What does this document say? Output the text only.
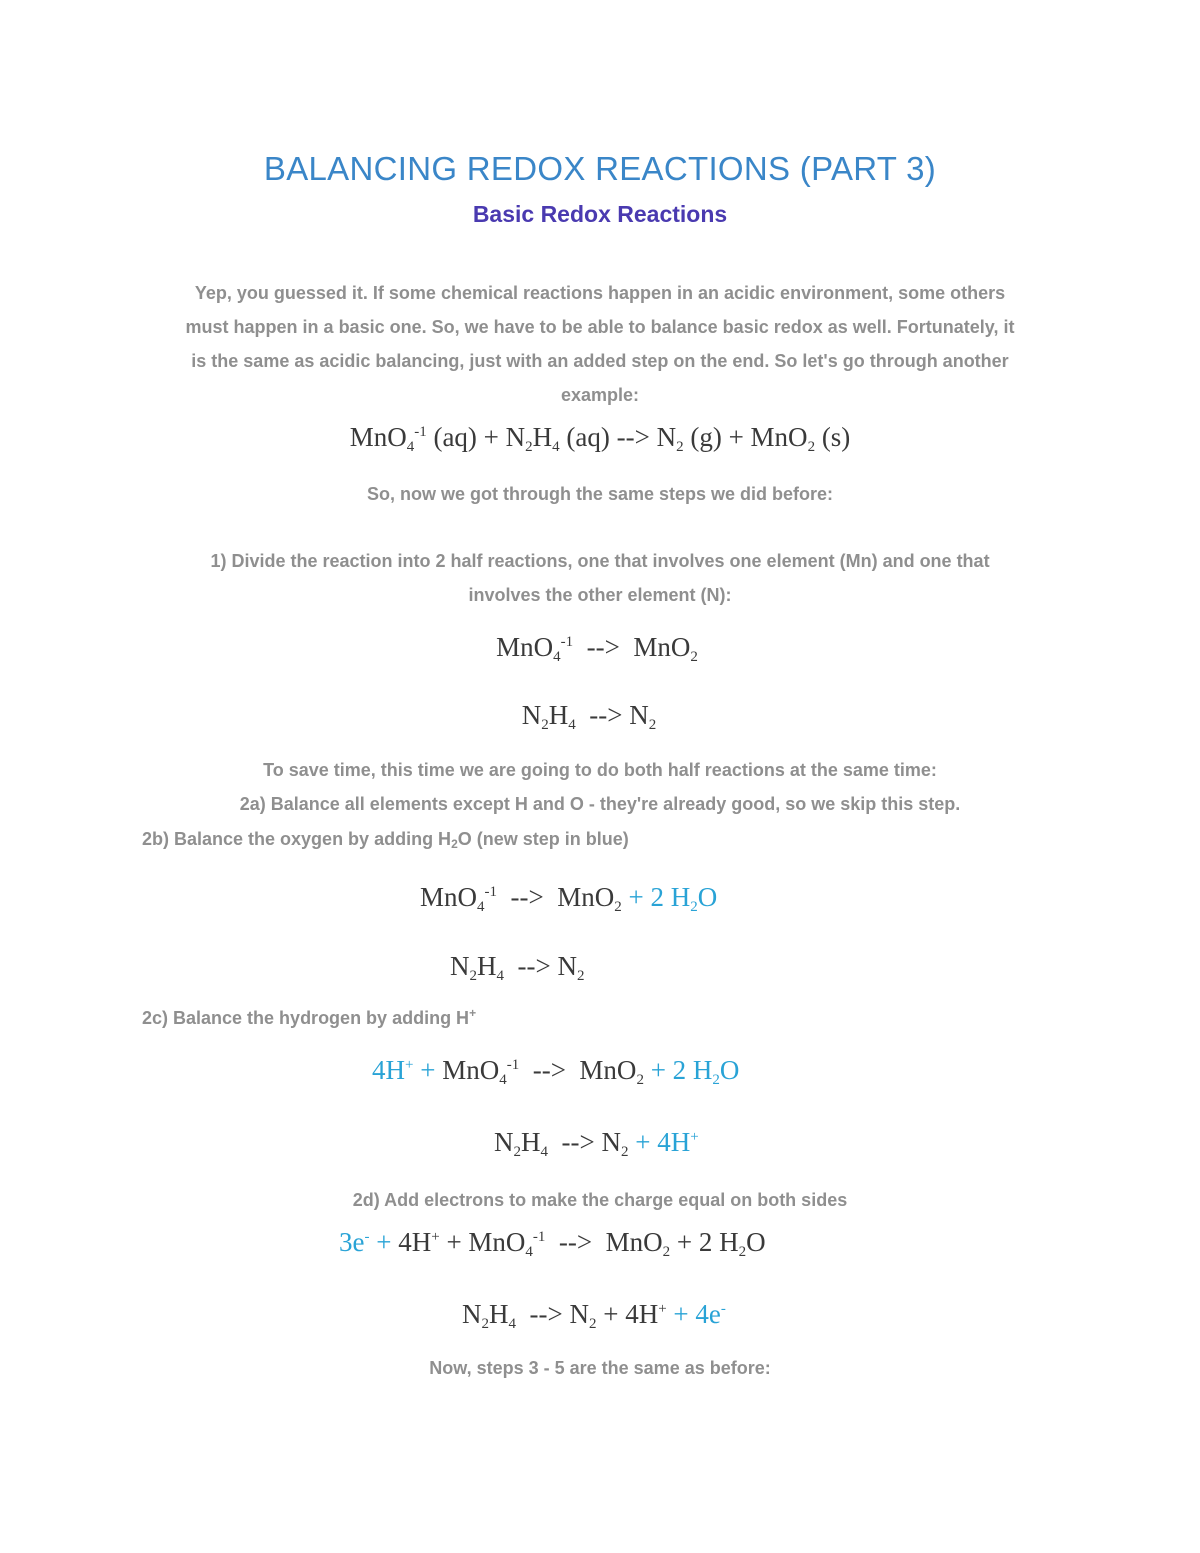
BALANCING REDOX REACTIONS (PART 3)
Basic Redox Reactions
Yep, you guessed it. If some chemical reactions happen in an acidic environment, some others
must happen in a basic one. So, we have to be able to balance basic redox as well. Fortunately, it
is the same as acidic balancing, just with an added step on the end. So let's go through another
example:
MnO$_4^{-1}$ $(aq) + N_2H_4$ (aq) --> $N_2$ (g) + MnO$_2$ (s)
So, now we got through the same steps we did before:
1) Divide the reaction into 2 half reactions, one that involves one element (Mn) and one that
involves the other element (N):
MnO$_4^{-1}$  -->  MnO$_2$
$N_2H_4$  --> $N_2$
To save time, this time we are going to do both half reactions at the same time:
2a) Balance all elements except H and O - they're already good, so we skip this step.
2b) Balance the oxygen by adding $H_2O$ (new step in blue)
MnO$_4^{-1}$  -->  MnO$_2$ + 2 $H_2O$
$N_2H_4$  --> $N_2$
2c) Balance the hydrogen by adding H+
4H+ + MnO$_4^{-1}$  -->  MnO$_2$ + 2 $H_2O$
$N_2H_4$  --> $N_2 + 4H^+$
2d) Add electrons to make the charge equal on both sides
3e- + 4H+ + MnO$_4^{-1}$  -->  MnO$_2$ + 2 $H_2O$
$N_2H_4$  --> $N_2 + 4H^+ + 4e^-$
Now, steps 3 - 5 are the same as before:
